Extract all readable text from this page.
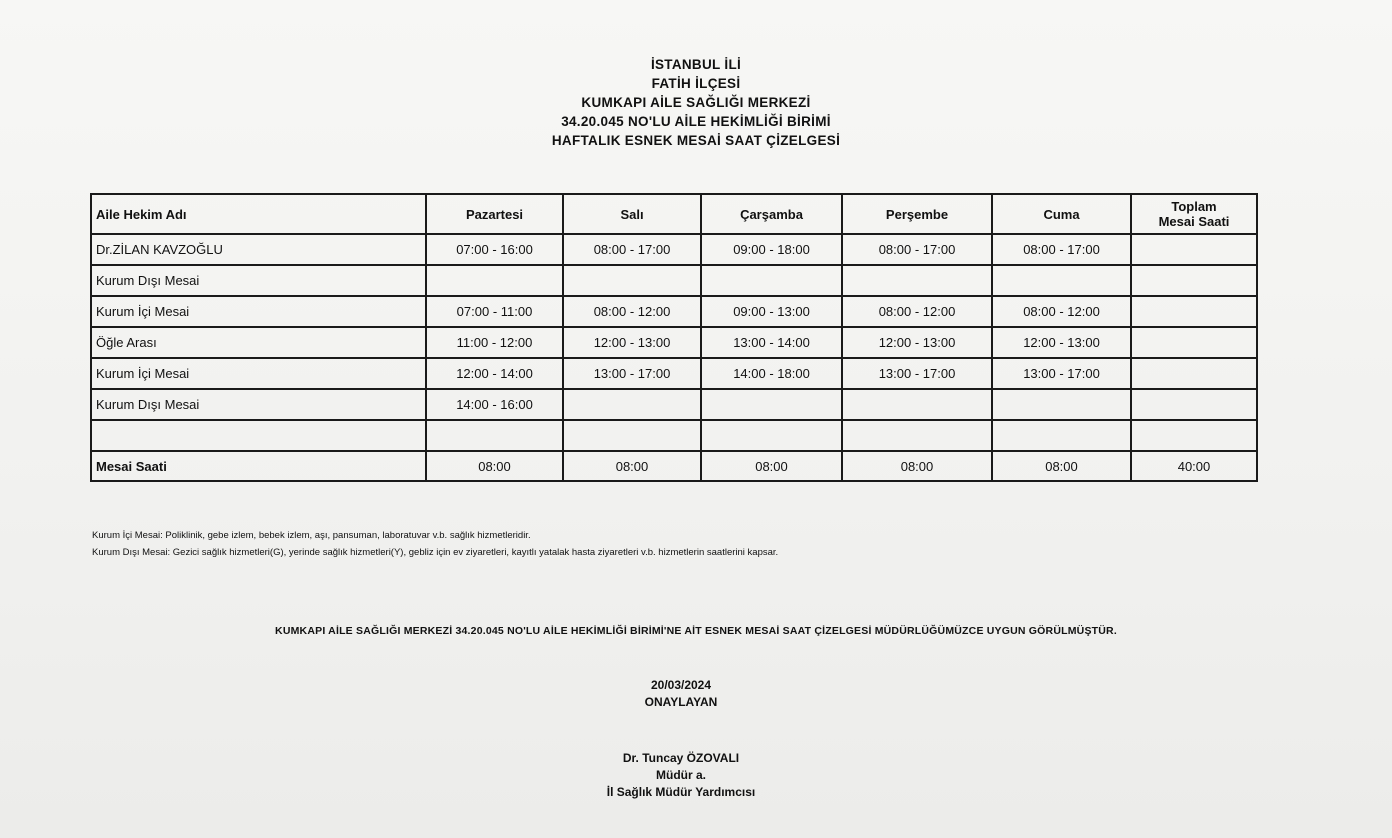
İSTANBUL İLİ
FATİH İLÇESİ
KUMKAPI AİLE SAĞLIĞI MERKEZİ
34.20.045 NO'LU AİLE HEKİMLİĞİ BİRİMİ
HAFTALIK ESNEK MESAİ SAAT ÇİZELGESİ
Aile Hekim Adı	Pazartesi	Salı	Çarşamba	Perşembe	Cuma	Toplam
Mesai Saati

Dr.ZİLAN KAVZOĞLU	07:00 - 16:00	08:00 - 17:00	09:00 - 18:00	08:00 - 17:00	08:00 - 17:00	
Kurum Dışı Mesai						
Kurum İçi Mesai	07:00 - 11:00	08:00 - 12:00	09:00 - 13:00	08:00 - 12:00	08:00 - 12:00	
Öğle Arası	11:00 - 12:00	12:00 - 13:00	13:00 - 14:00	12:00 - 13:00	12:00 - 13:00	
Kurum İçi Mesai	12:00 - 14:00	13:00 - 17:00	14:00 - 18:00	13:00 - 17:00	13:00 - 17:00	
Kurum Dışı Mesai	14:00 - 16:00					

Mesai Saati	08:00	08:00	08:00	08:00	08:00	40:00
Kurum İçi Mesai: Poliklinik, gebe izlem, bebek izlem, aşı, pansuman, laboratuvar v.b. sağlık hizmetleridir.
Kurum Dışı Mesai: Gezici sağlık hizmetleri(G), yerinde sağlık hizmetleri(Y), gebliz için ev ziyaretleri, kayıtlı yatalak hasta ziyaretleri v.b. hizmetlerin saatlerini kapsar.
KUMKAPI AİLE SAĞLIĞI MERKEZİ 34.20.045 NO'LU AİLE HEKİMLİĞİ BİRİMİ'NE AİT ESNEK MESAİ SAAT ÇİZELGESİ MÜDÜRLÜĞÜMÜZCE UYGUN GÖRÜLMÜŞTÜR.
20/03/2024
ONAYLAYAN
Dr. Tuncay ÖZOVALI
Müdür a.
İl Sağlık Müdür Yardımcısı
